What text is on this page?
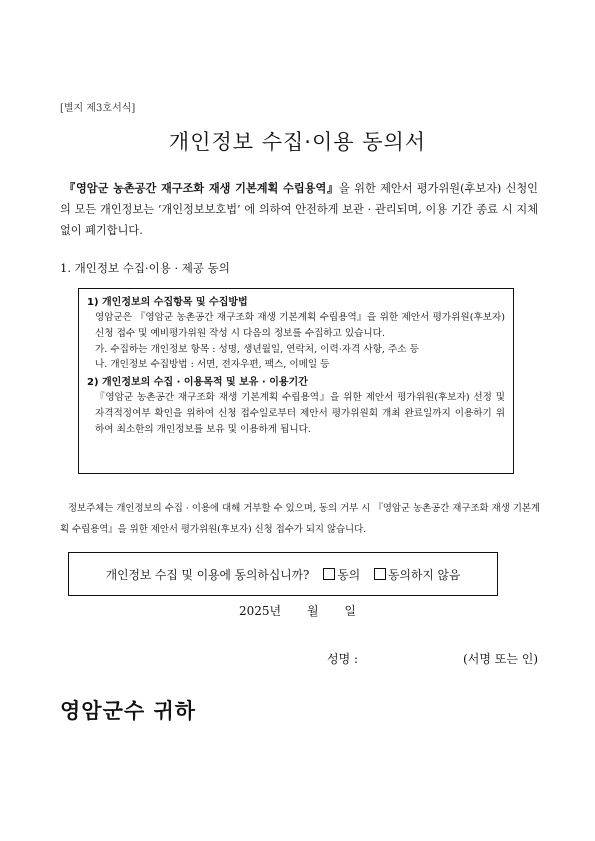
[별지 제3호서식]
개인정보 수집·이용 동의서
『영암군 농촌공간 재구조화 재생 기본계획 수립용역』을 위한 제안서 평가위원(후보자) 신청인의 모든 개인정보는 ‘개인정보보호법’ 에 의하여 안전하게 보관 · 관리되며, 이용 기간 종료 시 지체 없이 폐기합니다.
1. 개인정보 수집·이용 · 제공 동의
1) 개인정보의 수집항목 및 수집방법
영암군은 『영암군 농촌공간 재구조화 재생 기본계획 수립용역』을 위한 제안서 평가위원(후보자) 신청 접수 및 예비평가위원 작성 시 다음의 정보를 수집하고 있습니다.
가. 수집하는 개인정보 항목 : 성명, 생년월일, 연락처, 이력·자격 사항, 주소 등
나. 개인정보 수집방법 : 서면, 전자우편, 팩스, 이메일 등
2) 개인정보의 수집 · 이용목적 및 보유 · 이용기간
『영암군 농촌공간 재구조화 재생 기본계획 수립용역』을 위한 제안서 평가위원(후보자) 선정 및 자격적정여부 확인을 위하여 신청 접수일로부터 제안서 평가위원회 개최 완료일까지 이용하기 위하여 최소한의 개인정보를 보유 및 이용하게 됩니다.
정보주체는 개인정보의 수집 · 이용에 대해 거부할 수 있으며, 동의 거부 시 『영암군 농촌공간 재구조화 재생 기본계획 수립용역』을 위한 제안서 평가위원(후보자) 신청 접수가 되지 않습니다.
개인정보 수집 및 이용에 동의하십니까?	동의	동의하지 않음
2025년 월 일
성명 :	(서명 또는 인)
영암군수 귀하
